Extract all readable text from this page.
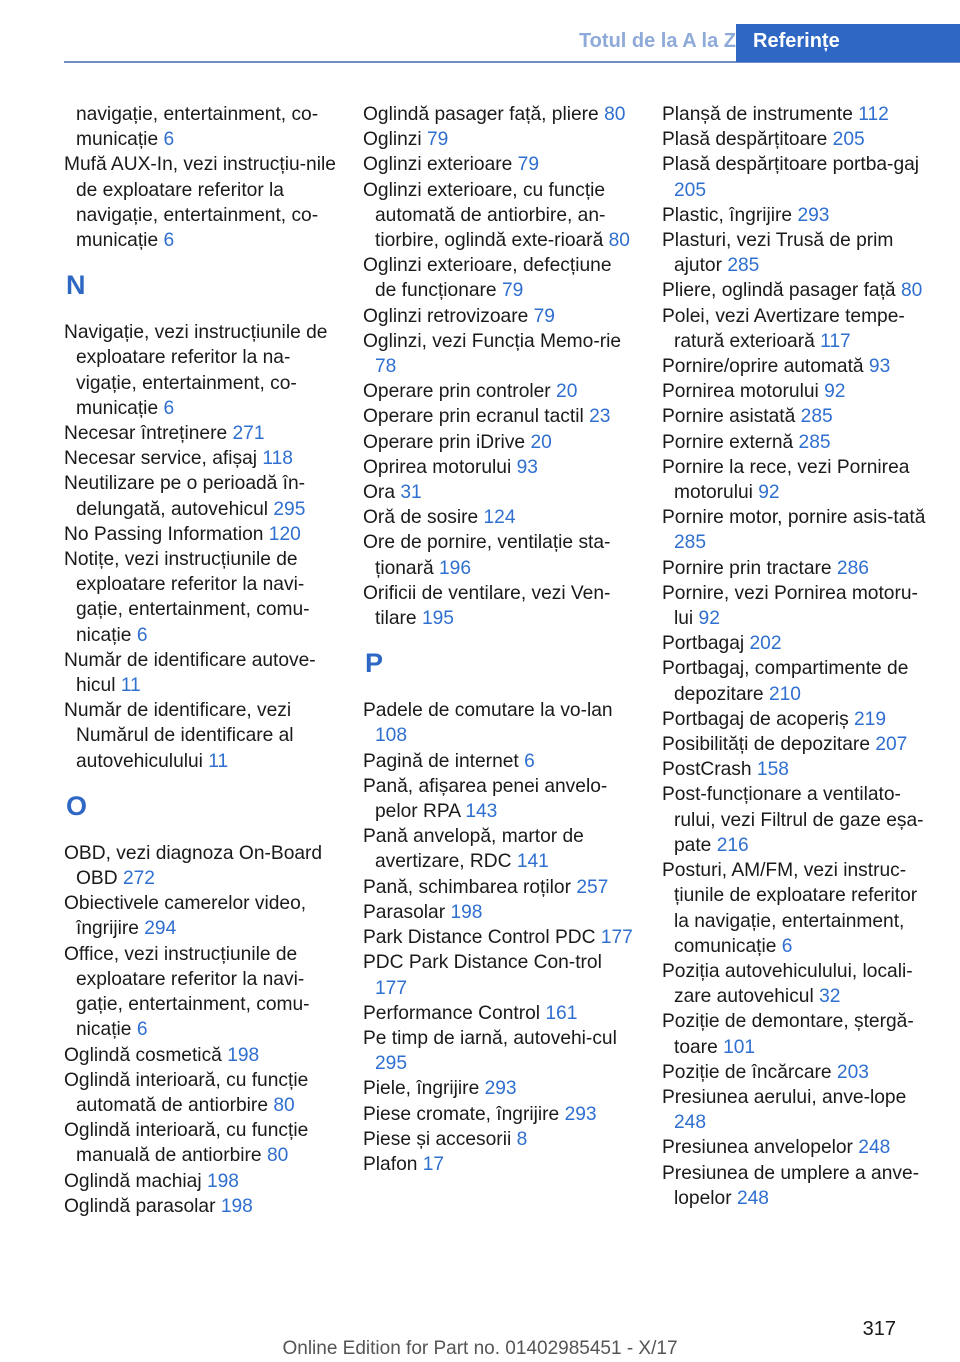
Totul de la A la Z Referințe
navigație, entertainment, co‐
municație 6
Mufă AUX-In, vezi instrucțiu‐nile de exploatare referitor la navigație, entertainment, co‐municație 6
N
Navigație, vezi instrucțiunile de exploatare referitor la na‐vigație, entertainment, co‐municație 6
Necesar întreținere 271
Necesar service, afișaj 118
Neutilizare pe o perioadă în‐delungată, autovehicul 295
No Passing Information 120
Notițe, vezi instrucțiunile de exploatare referitor la navi‐gație, entertainment, comu‐nicație 6
Număr de identificare autove‐hicul 11
Număr de identificare, vezi Numărul de identificare al autovehiculului 11
O
OBD, vezi diagnoza On-Board OBD 272
Obiectivele camerelor video, îngrijire 294
Office, vezi instrucțiunile de exploatare referitor la navi‐gație, entertainment, comu‐nicație 6
Oglindă cosmetică 198
Oglindă interioară, cu funcție automată de antiorbire 80
Oglindă interioară, cu funcție manuală de antiorbire 80
Oglindă machiaj 198
Oglindă parasolar 198
Oglindă pasager față, pliere 80
Oglinzi 79
Oglinzi exterioare 79
Oglinzi exterioare, cu funcție automată de antiorbire, an‐tiorbire, oglindă exte‐rioară 80
Oglinzi exterioare, defecțiune de funcționare 79
Oglinzi retrovizoare 79
Oglinzi, vezi Funcția Memo‐rie 78
Operare prin controler 20
Operare prin ecranul tactil 23
Operare prin iDrive 20
Oprirea motorului 93
Ora 31
Oră de sosire 124
Ore de pornire, ventilație sta‐ționară 196
Orificii de ventilare, vezi Ven‐tilare 195
P
Padele de comutare la vo‐lan 108
Pagină de internet 6
Pană, afișarea penei anvelo‐pelor RPA 143
Pană anvelopă, martor de avertizare, RDC 141
Pană, schimbarea roților 257
Parasolar 198
Park Distance Control PDC 177
PDC Park Distance Con‐trol 177
Performance Control 161
Pe timp de iarnă, autovehi‐cul 295
Piele, îngrijire 293
Piese cromate, îngrijire 293
Piese și accesorii 8
Plafon 17
Planșă de instrumente 112
Plasă despărțitoare 205
Plasă despărțitoare portba‐gaj 205
Plastic, îngrijire 293
Plasturi, vezi Trusă de prim ajutor 285
Pliere, oglindă pasager față 80
Polei, vezi Avertizare tempe‐ratură exterioară 117
Pornire/oprire automată 93
Pornirea motorului 92
Pornire asistată 285
Pornire externă 285
Pornire la rece, vezi Pornirea motorului 92
Pornire motor, pornire asis‐tată 285
Pornire prin tractare 286
Pornire, vezi Pornirea motoru‐lui 92
Portbagaj 202
Portbagaj, compartimente de depozitare 210
Portbagaj de acoperiș 219
Posibilități de depozitare 207
PostCrash 158
Post-funcționare a ventilato‐rului, vezi Filtrul de gaze eșa‐pate 216
Posturi, AM/FM, vezi instruc‐țiunile de exploatare referitor la navigație, entertainment, comunicație 6
Poziția autovehiculului, locali‐zare autovehicul 32
Poziție de demontare, ștergă‐toare 101
Poziție de încărcare 203
Presiunea aerului, anve‐lope 248
Presiunea anvelopelor 248
Presiunea de umplere a anve‐lopelor 248
317
Online Edition for Part no. 01402985451 - X/17
